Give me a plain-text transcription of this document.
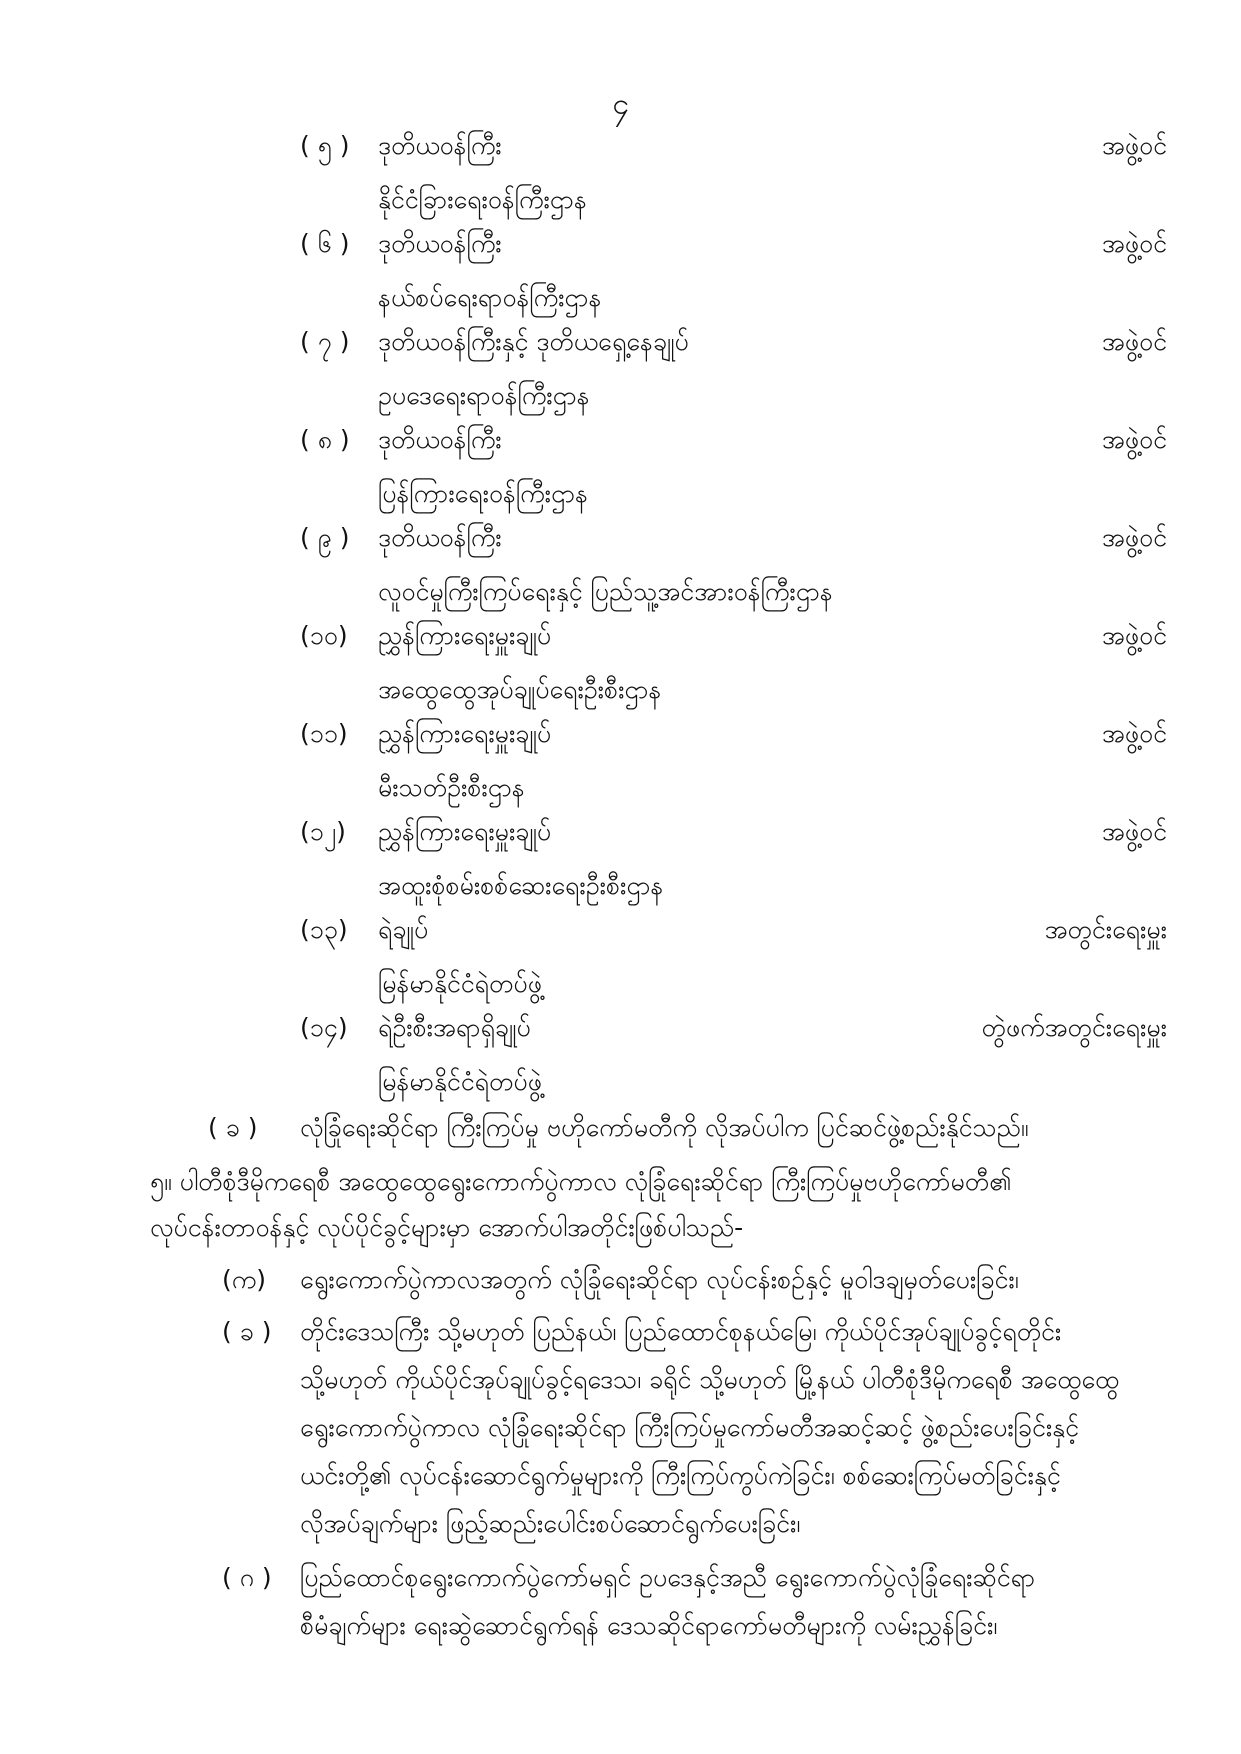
၄
( ၅ )	ဒုတိယဝန်ကြီး	အဖွဲ့ဝင်
နိုင်ငံခြားရေးဝန်ကြီးဌာန
( ၆ )	ဒုတိယဝန်ကြီး	အဖွဲ့ဝင်
နယ်စပ်ရေးရာဝန်ကြီးဌာန
( ၇ )	ဒုတိယဝန်ကြီးနှင့် ဒုတိယရှေ့နေချုပ်	အဖွဲ့ဝင်
ဥပဒေရေးရာဝန်ကြီးဌာန
( ၈ )	ဒုတိယဝန်ကြီး	အဖွဲ့ဝင်
ပြန်ကြားရေးဝန်ကြီးဌာန
( ၉ )	ဒုတိယဝန်ကြီး	အဖွဲ့ဝင်
လူဝင်မှုကြီးကြပ်ရေးနှင့် ပြည်သူ့အင်အားဝန်ကြီးဌာန
(၁၀)	ညွှန်ကြားရေးမှူးချုပ်	အဖွဲ့ဝင်
အထွေထွေအုပ်ချုပ်ရေးဦးစီးဌာန
(၁၁)	ညွှန်ကြားရေးမှူးချုပ်	အဖွဲ့ဝင်
မီးသတ်ဦးစီးဌာန
(၁၂)	ညွှန်ကြားရေးမှူးချုပ်	အဖွဲ့ဝင်
အထူးစုံစမ်းစစ်ဆေးရေးဦးစီးဌာန
(၁၃)	ရဲချုပ်	အတွင်းရေးမှူး
မြန်မာနိုင်ငံရဲတပ်ဖွဲ့
(၁၄)	ရဲဦးစီးအရာရှိချုပ်	တွဲဖက်အတွင်းရေးမှူး
မြန်မာနိုင်ငံရဲတပ်ဖွဲ့
( ခ ) လုံခြုံရေးဆိုင်ရာ ကြီးကြပ်မှု ဗဟိုကော်မတီကို လိုအပ်ပါက ပြင်ဆင်ဖွဲ့စည်းနိုင်သည်။
၅။ ပါတီစုံဒီမိုကရေစီ အထွေထွေရွေးကောက်ပွဲကာလ လုံခြုံရေးဆိုင်ရာ ကြီးကြပ်မှုဗဟိုကော်မတီ၏
လုပ်ငန်းတာဝန်နှင့် လုပ်ပိုင်ခွင့်များမှာ အောက်ပါအတိုင်းဖြစ်ပါသည်-
(က) ရွေးကောက်ပွဲကာလအတွက် လုံခြုံရေးဆိုင်ရာ လုပ်ငန်းစဉ်နှင့် မူဝါဒချမှတ်ပေးခြင်း၊
( ခ ) တိုင်းဒေသကြီး သို့မဟုတ် ပြည်နယ်၊ ပြည်ထောင်စုနယ်မြေ၊ ကိုယ်ပိုင်အုပ်ချုပ်ခွင့်ရတိုင်း
သို့မဟုတ် ကိုယ်ပိုင်အုပ်ချုပ်ခွင့်ရဒေသ၊ ခရိုင် သို့မဟုတ် မြို့နယ် ပါတီစုံဒီမိုကရေစီ အထွေထွေ
ရွေးကောက်ပွဲကာလ လုံခြုံရေးဆိုင်ရာ ကြီးကြပ်မှုကော်မတီအဆင့်ဆင့် ဖွဲ့စည်းပေးခြင်းနှင့်
ယင်းတို့၏ လုပ်ငန်းဆောင်ရွက်မှုများကို ကြီးကြပ်ကွပ်ကဲခြင်း၊ စစ်ဆေးကြပ်မတ်ခြင်းနှင့်
လိုအပ်ချက်များ ဖြည့်ဆည်းပေါင်းစပ်ဆောင်ရွက်ပေးခြင်း၊
( ဂ ) ပြည်ထောင်စုရွေးကောက်ပွဲကော်မရှင် ဥပဒေနှင့်အညီ ရွေးကောက်ပွဲလုံခြုံရေးဆိုင်ရာ
စီမံချက်များ ရေးဆွဲဆောင်ရွက်ရန် ဒေသဆိုင်ရာကော်မတီများကို လမ်းညွှန်ခြင်း၊
